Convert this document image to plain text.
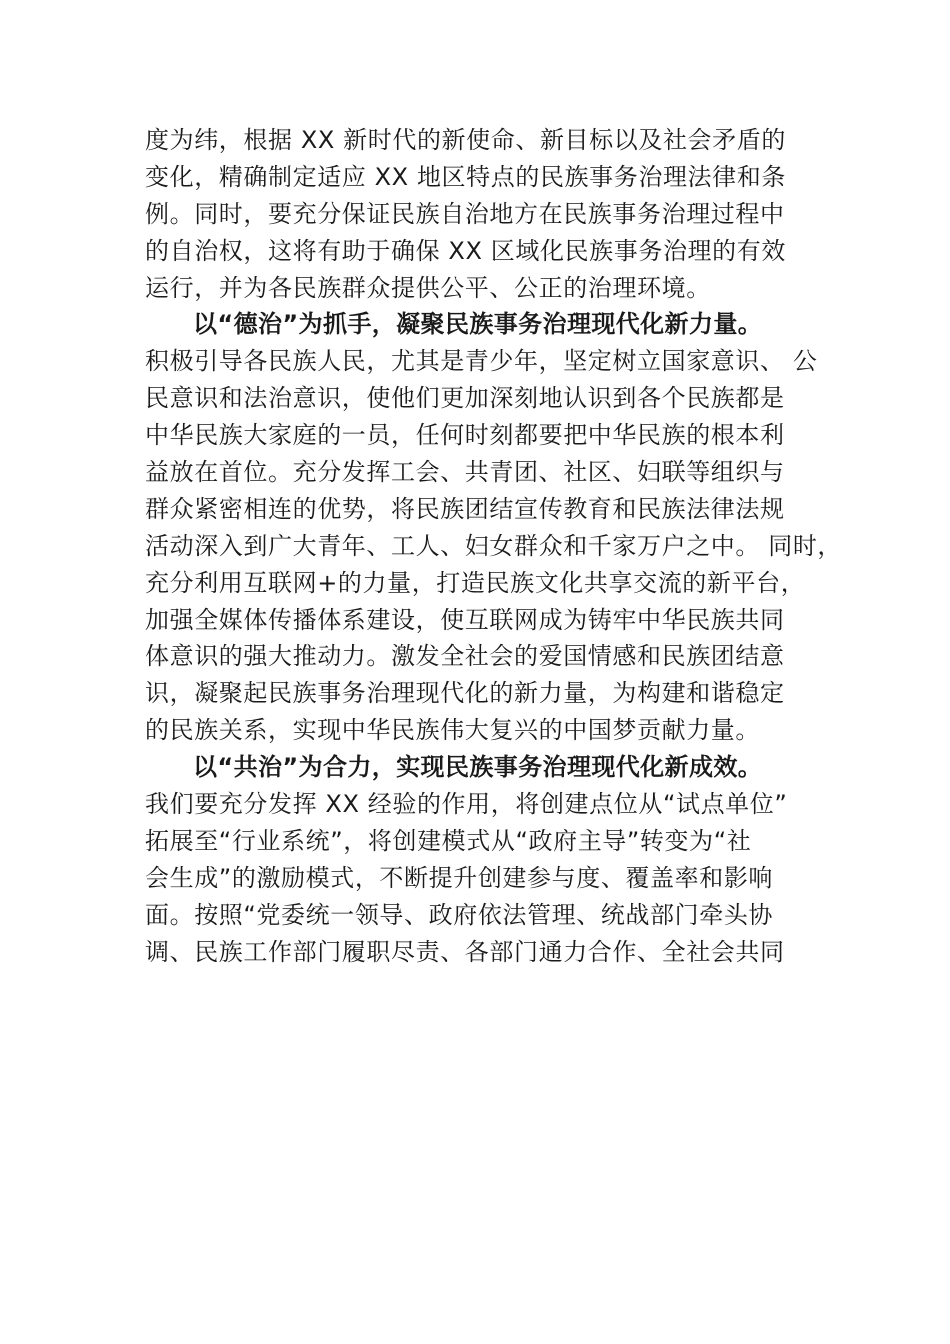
度为纬，根据 XX 新时代的新使命、新目标以及社会矛盾的
变化，精确制定适应 XX 地区特点的民族事务治理法律和条
例。同时，要充分保证民族自治地方在民族事务治理过程中
的自治权，这将有助于确保 XX 区域化民族事务治理的有效
运行，并为各民族群众提供公平、公正的治理环境。
以“德治”为抓手，凝聚民族事务治理现代化新力量。
积极引导各民族人民，尤其是青少年，坚定树立国家意识、 公
民意识和法治意识，使他们更加深刻地认识到各个民族都是
中华民族大家庭的一员，任何时刻都要把中华民族的根本利
益放在首位。充分发挥工会、共青团、社区、妇联等组织与
群众紧密相连的优势，将民族团结宣传教育和民族法律法规
活动深入到广大青年、工人、妇女群众和千家万户之中。 同时，
充分利用互联网+的力量，打造民族文化共享交流的新平台，
加强全媒体传播体系建设，使互联网成为铸牢中华民族共同
体意识的强大推动力。激发全社会的爱国情感和民族团结意
识，凝聚起民族事务治理现代化的新力量，为构建和谐稳定
的民族关系，实现中华民族伟大复兴的中国梦贡献力量。
以“共治”为合力，实现民族事务治理现代化新成效。
我们要充分发挥 XX 经验的作用，将创建点位从“试点单位”
拓展至“行业系统”，将创建模式从“政府主导”转变为“社
会生成”的激励模式，不断提升创建参与度、覆盖率和影响
面。按照“党委统一领导、政府依法管理、统战部门牵头协
调、民族工作部门履职尽责、各部门通力合作、全社会共同
